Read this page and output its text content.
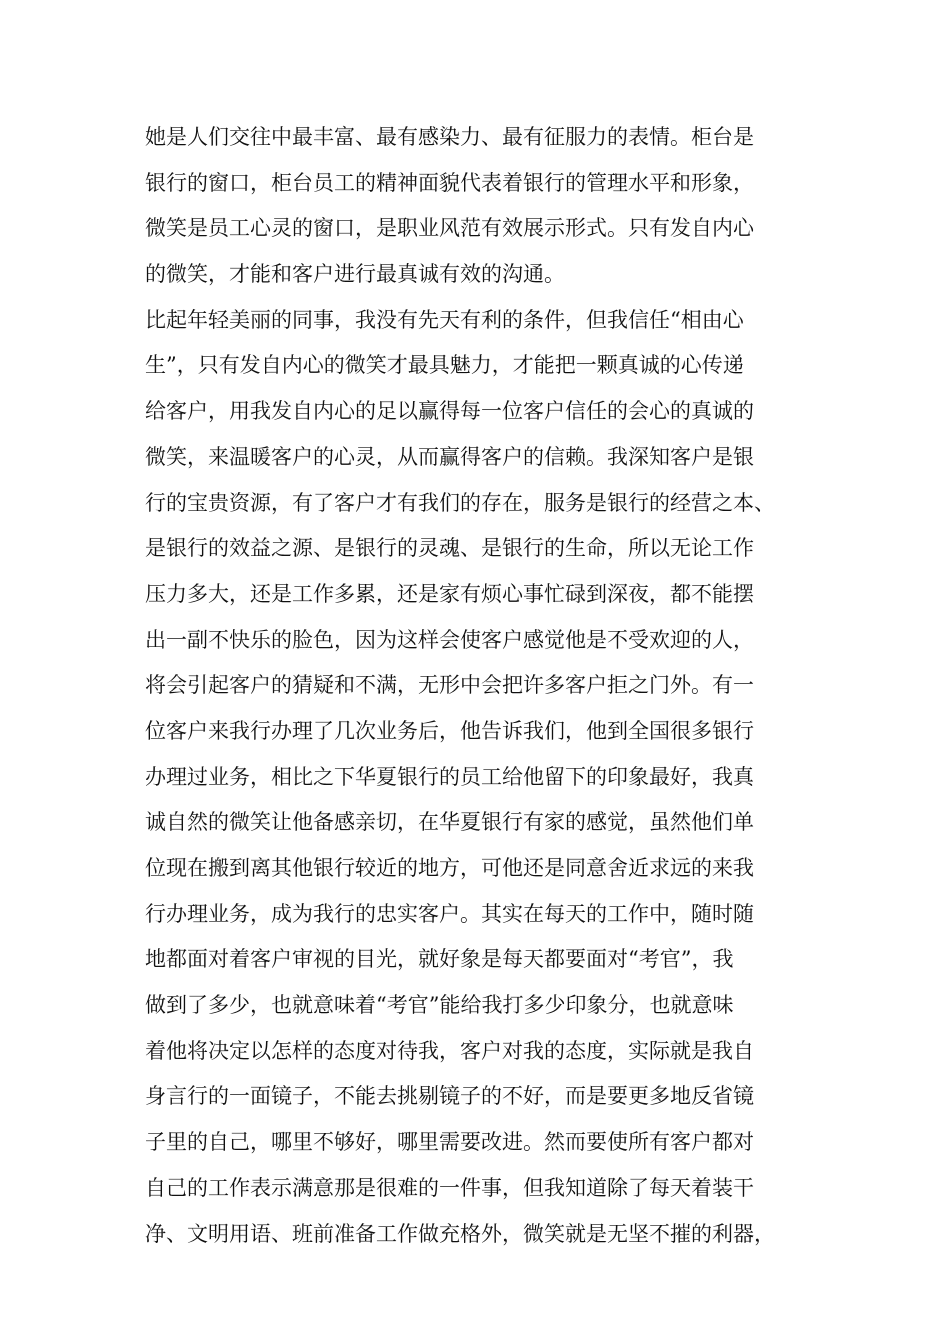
她是人们交往中最丰富、最有感染力、最有征服力的表情。柜台是
银行的窗口，柜台员工的精神面貌代表着银行的管理水平和形象，
微笑是员工心灵的窗口，是职业风范有效展示形式。只有发自内心
的微笑，才能和客户进行最真诚有效的沟通。
比起年轻美丽的同事，我没有先天有利的条件，但我信任“相由心
生”，只有发自内心的微笑才最具魅力，才能把一颗真诚的心传递
给客户，用我发自内心的足以赢得每一位客户信任的会心的真诚的
微笑，来温暖客户的心灵，从而赢得客户的信赖。我深知客户是银
行的宝贵资源，有了客户才有我们的存在，服务是银行的经营之本、
是银行的效益之源、是银行的灵魂、是银行的生命，所以无论工作
压力多大，还是工作多累，还是家有烦心事忙碌到深夜，都不能摆
出一副不快乐的脸色，因为这样会使客户感觉他是不受欢迎的人，
将会引起客户的猜疑和不满，无形中会把许多客户拒之门外。有一
位客户来我行办理了几次业务后，他告诉我们，他到全国很多银行
办理过业务，相比之下华夏银行的员工给他留下的印象最好，我真
诚自然的微笑让他备感亲切，在华夏银行有家的感觉，虽然他们单
位现在搬到离其他银行较近的地方，可他还是同意舍近求远的来我
行办理业务，成为我行的忠实客户。其实在每天的工作中，随时随
地都面对着客户审视的目光，就好象是每天都要面对“考官”，我
做到了多少，也就意味着“考官”能给我打多少印象分，也就意味
着他将决定以怎样的态度对待我，客户对我的态度，实际就是我自
身言行的一面镜子，不能去挑剔镜子的不好，而是要更多地反省镜
子里的自己，哪里不够好，哪里需要改进。然而要使所有客户都对
自己的工作表示满意那是很难的一件事，但我知道除了每天着装干
净、文明用语、班前准备工作做充格外，微笑就是无坚不摧的利器，
